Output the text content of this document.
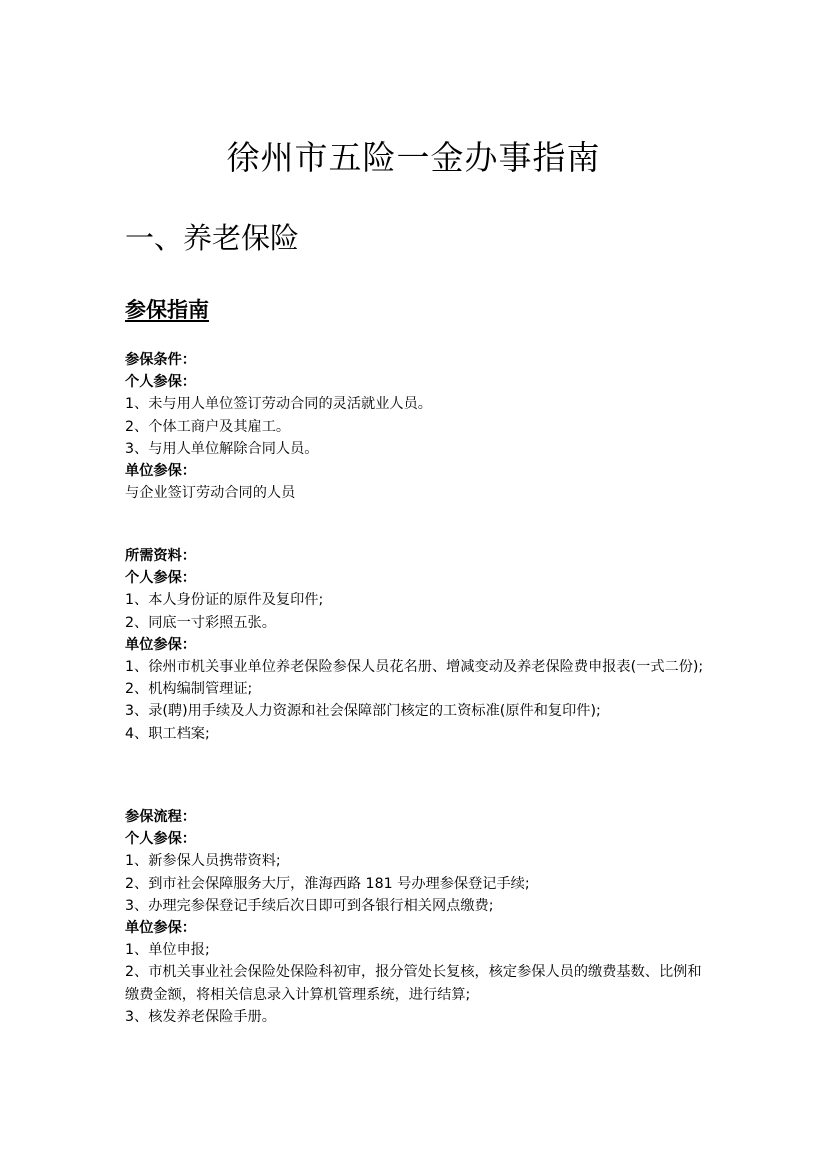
徐州市五险一金办事指南
一、养老保险
参保指南

参保条件：

个人参保：

1、未与用人单位签订劳动合同的灵活就业人员。

2、个体工商户及其雇工。

3、与用人单位解除合同人员。

单位参保：

与企业签订劳动合同的人员

所需资料：

个人参保：

1、本人身份证的原件及复印件;

2、同底一寸彩照五张。

单位参保：

1、徐州市机关事业单位养老保险参保人员花名册、增减变动及养老保险费申报表(一式二份);

2、机构编制管理证;

3、录(聘)用手续及人力资源和社会保障部门核定的工资标准(原件和复印件);

4、职工档案;

参保流程：

个人参保：

1、新参保人员携带资料;

2、到市社会保障服务大厅，淮海西路 181 号办理参保登记手续;

3、办理完参保登记手续后次日即可到各银行相关网点缴费;

单位参保：

1、单位申报;

2、市机关事业社会保险处保险科初审，报分管处长复核，核定参保人员的缴费基数、比例和缴费金额，将相关信息录入计算机管理系统，进行结算;

3、核发养老保险手册。
